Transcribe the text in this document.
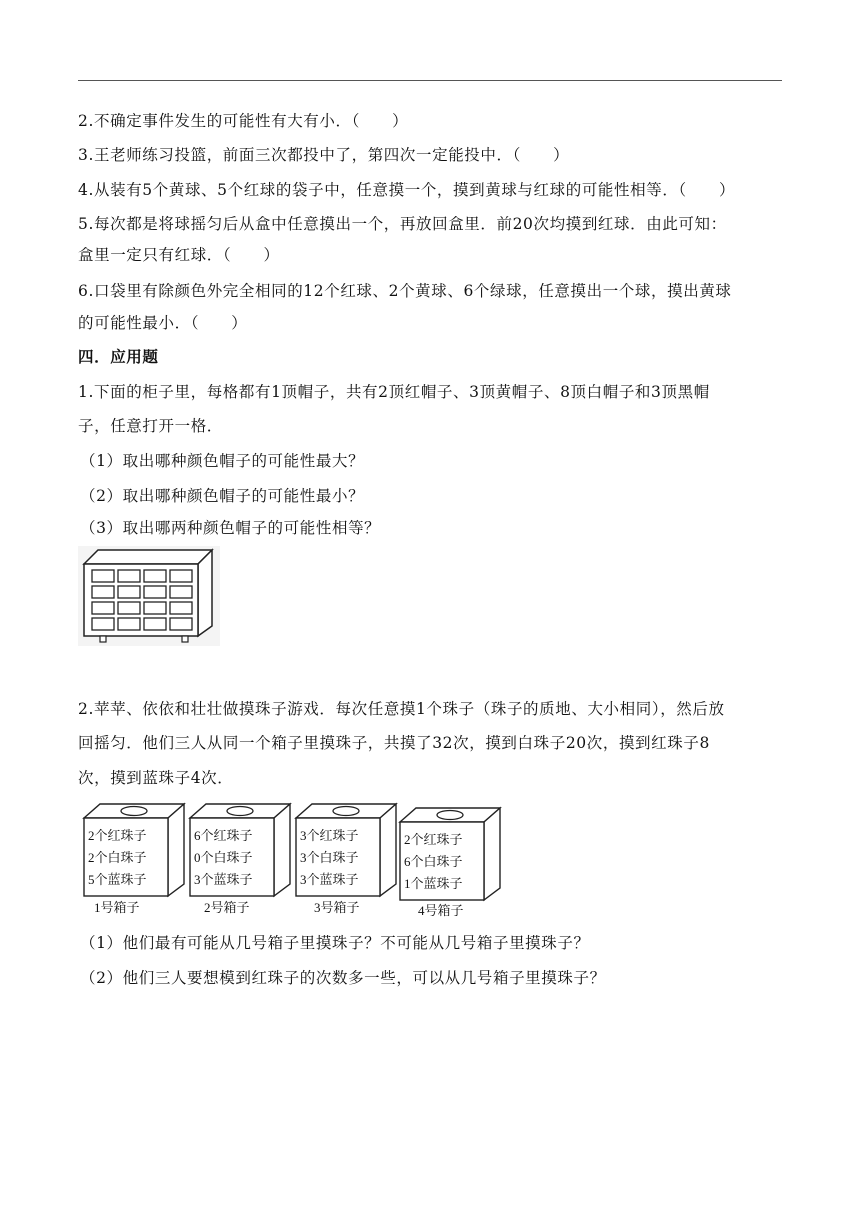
2.不确定事件发生的可能性有大有小．（　　）
3.王老师练习投篮，前面三次都投中了，第四次一定能投中．（　　）
4.从装有5个黄球、5个红球的袋子中，任意摸一个，摸到黄球与红球的可能性相等．（　　）
5.每次都是将球摇匀后从盒中任意摸出一个，再放回盒里．前20次均摸到红球．由此可知：
盒里一定只有红球．（　　）
6.口袋里有除颜色外完全相同的12个红球、2个黄球、6个绿球，任意摸出一个球，摸出黄球
的可能性最小．（　　）
四．应用题
1.下面的柜子里，每格都有1顶帽子，共有2顶红帽子、3顶黄帽子、8顶白帽子和3顶黑帽
子，任意打开一格．
（1）取出哪种颜色帽子的可能性最大？
（2）取出哪种颜色帽子的可能性最小？
（3）取出哪两种颜色帽子的可能性相等？
2.苹苹、依依和壮壮做摸珠子游戏．每次任意摸1个珠子（珠子的质地、大小相同），然后放
回摇匀．他们三人从同一个箱子里摸珠子，共摸了32次，摸到白珠子20次，摸到红珠子8
次，摸到蓝珠子4次．
2个红珠子
2个白珠子
5个蓝珠子
1号箱子
6个红珠子
0个白珠子
3个蓝珠子
2号箱子
3个红珠子
3个白珠子
3个蓝珠子
3号箱子
2个红珠子
6个白珠子
1个蓝珠子
4号箱子
（1）他们最有可能从几号箱子里摸珠子？不可能从几号箱子里摸珠子？
（2）他们三人要想模到红珠子的次数多一些，可以从几号箱子里摸珠子？
